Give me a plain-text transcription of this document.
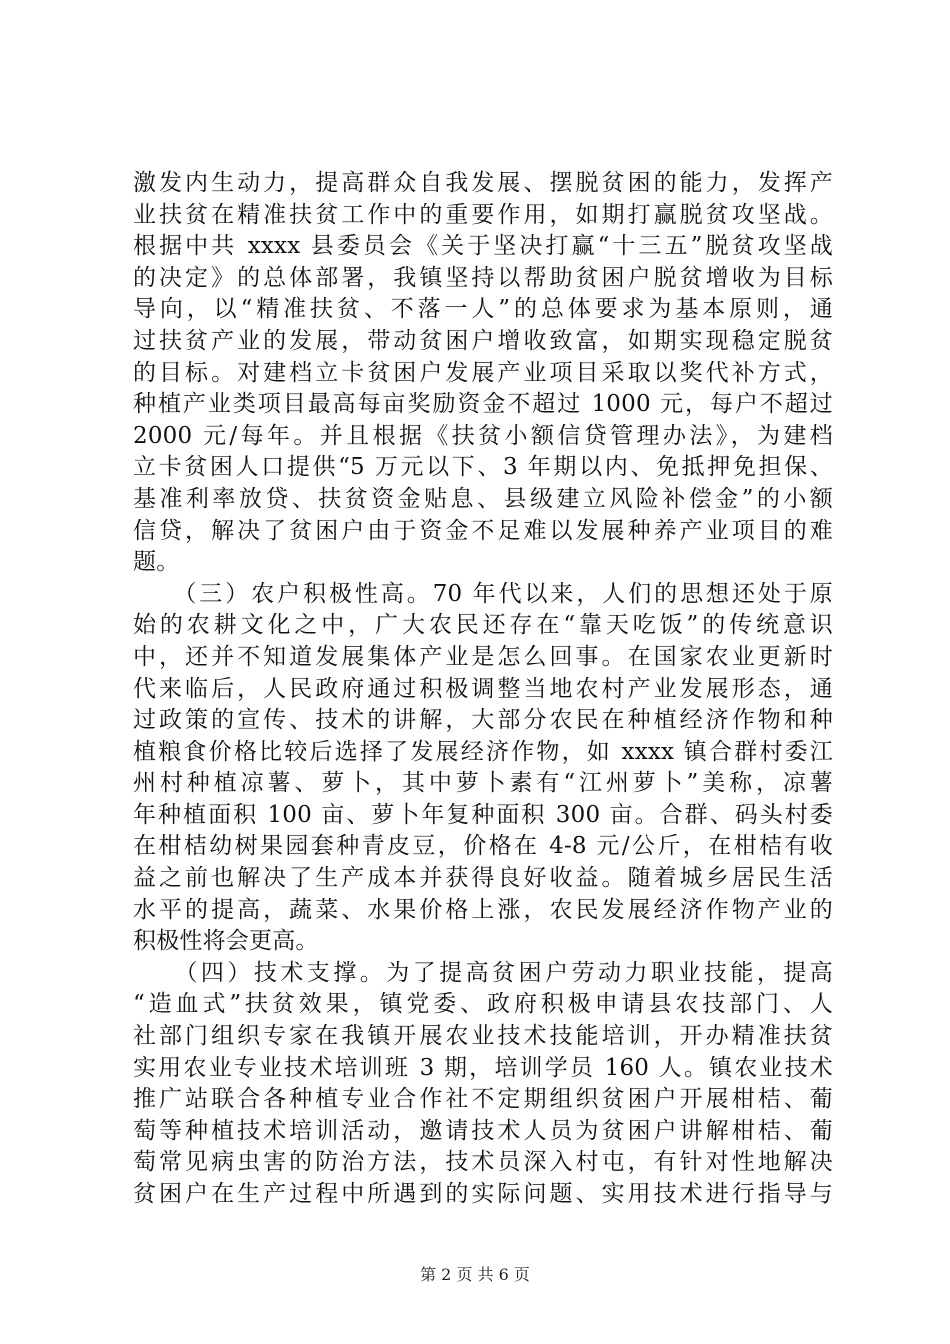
激发内生动力，提高群众自我发展、摆脱贫困的能力，发挥产
业扶贫在精准扶贫工作中的重要作用，如期打赢脱贫攻坚战。
根据中共 xxxx 县委员会《关于坚决打赢“十三五”脱贫攻坚战
的决定》的总体部署，我镇坚持以帮助贫困户脱贫增收为目标
导向，以“精准扶贫、不落一人”的总体要求为基本原则，通
过扶贫产业的发展，带动贫困户增收致富，如期实现稳定脱贫
的目标。对建档立卡贫困户发展产业项目采取以奖代补方式，
种植产业类项目最高每亩奖励资金不超过 1000 元，每户不超过
2000 元/每年。并且根据《扶贫小额信贷管理办法》，为建档
立卡贫困人口提供“5 万元以下、3 年期以内、免抵押免担保、
基准利率放贷、扶贫资金贴息、县级建立风险补偿金”的小额
信贷，解决了贫困户由于资金不足难以发展种养产业项目的难
题。
　　（三）农户积极性高。70 年代以来，人们的思想还处于原
始的农耕文化之中，广大农民还存在“靠天吃饭”的传统意识
中，还并不知道发展集体产业是怎么回事。在国家农业更新时
代来临后，人民政府通过积极调整当地农村产业发展形态，通
过政策的宣传、技术的讲解，大部分农民在种植经济作物和种
植粮食价格比较后选择了发展经济作物，如 xxxx 镇合群村委江
州村种植凉薯、萝卜，其中萝卜素有“江州萝卜”美称，凉薯
年种植面积 100 亩、萝卜年复种面积 300 亩。合群、码头村委
在柑桔幼树果园套种青皮豆，价格在 4-8 元/公斤，在柑桔有收
益之前也解决了生产成本并获得良好收益。随着城乡居民生活
水平的提高，蔬菜、水果价格上涨，农民发展经济作物产业的
积极性将会更高。
　　（四）技术支撑。为了提高贫困户劳动力职业技能，提高
“造血式”扶贫效果，镇党委、政府积极申请县农技部门、人
社部门组织专家在我镇开展农业技术技能培训，开办精准扶贫
实用农业专业技术培训班 3 期，培训学员 160 人。镇农业技术
推广站联合各种植专业合作社不定期组织贫困户开展柑桔、葡
萄等种植技术培训活动，邀请技术人员为贫困户讲解柑桔、葡
萄常见病虫害的防治方法，技术员深入村屯，有针对性地解决
贫困户在生产过程中所遇到的实际问题、实用技术进行指导与
第 2 页 共 6 页
